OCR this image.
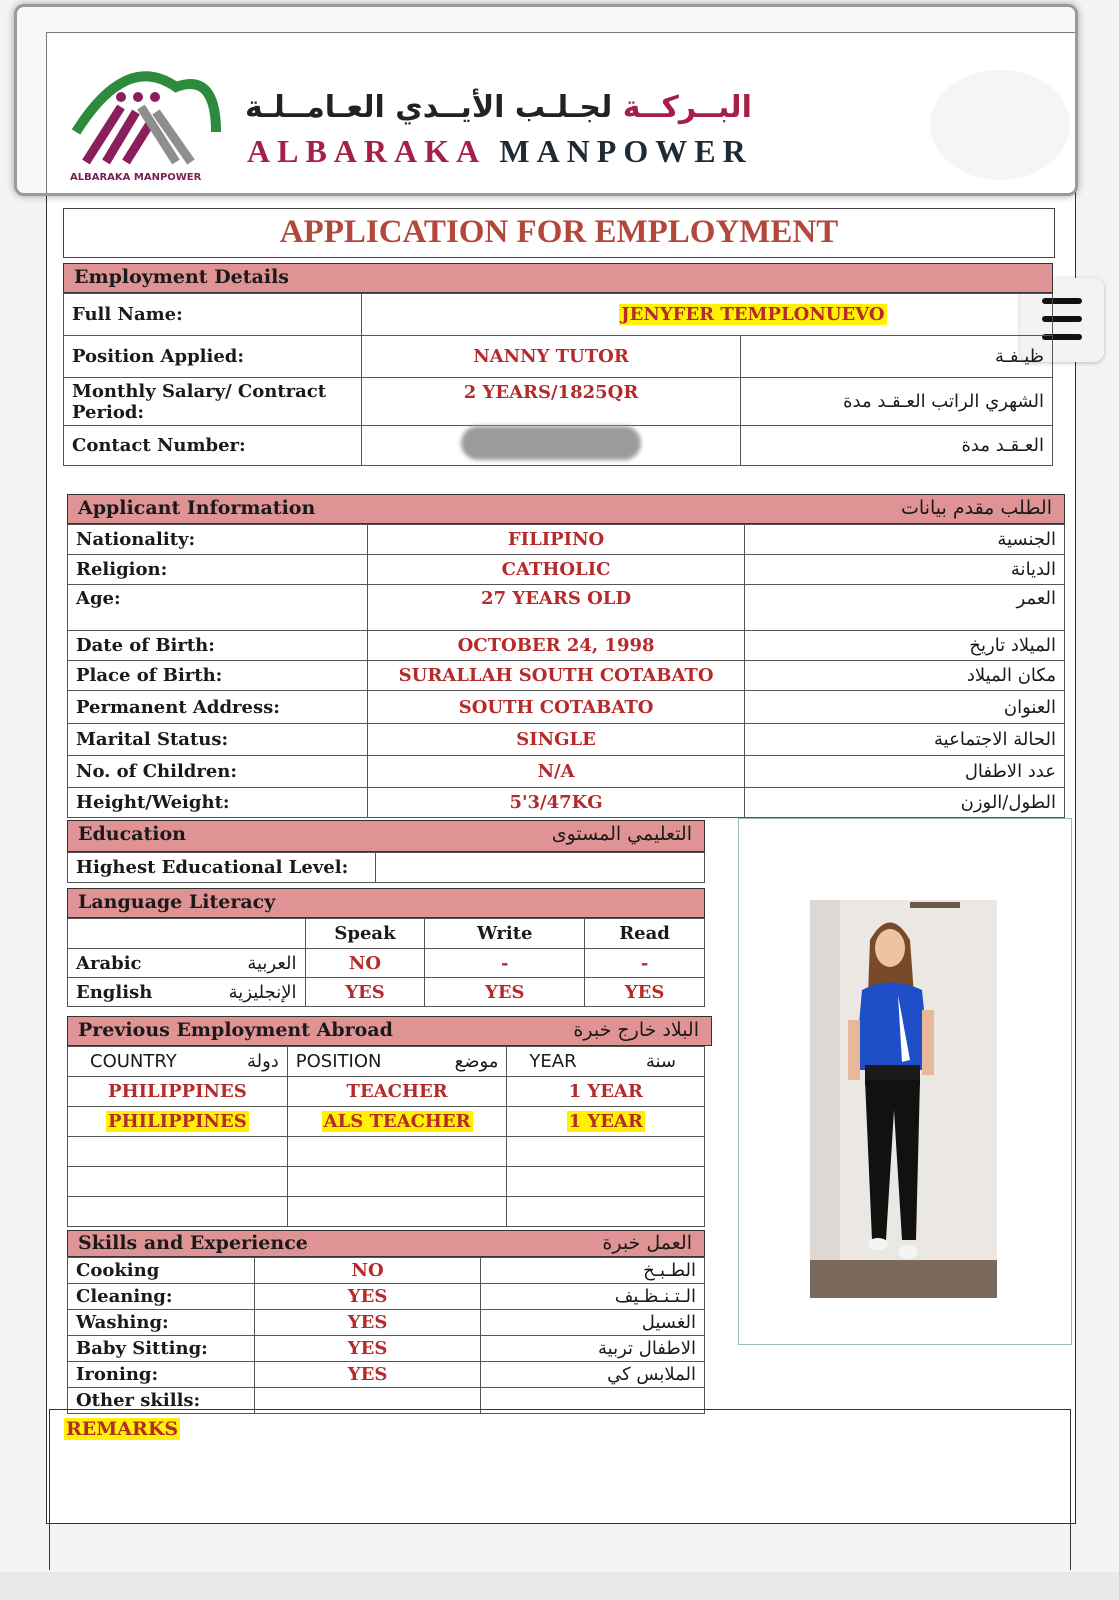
ALBARAKA MANPOWER
البــركــة لجـلـب الأيــدي العـامــلـة
ALBARAKA MANPOWER
APPLICATION FOR EMPLOYMENT
Employment Details
Full Name:	JENYFER TEMPLONUEVO	
Position Applied:	NANNY TUTOR	ظيـفـة
Monthly Salary/ Contract Period:	2 YEARS/1825QR	الشهري الراتب العـقـد مدة
Contact Number:		العـقـد مدة
Applicant Information	الطلب مقدم بيانات
Nationality:	FILIPINO	الجنسية
Religion:	CATHOLIC	الديانة
Age:	27 YEARS OLD	العمر
Date of Birth:	OCTOBER 24, 1998	الميلاد تاريخ
Place of Birth:	SURALLAH SOUTH COTABATO	مكان الميلاد
Permanent Address:	SOUTH COTABATO	العنوان
Marital Status:	SINGLE	الحالة الاجتماعية
No. of Children:	N/A	عدد الاطفال
Height/Weight:	5'3/47KG	الطول/الوزن
Education	التعليمي المستوى
Highest Educational Level:	
Language Literacy
	Speak	Write	Read
Arabic العربية	NO	-	-
English الإنجليزية	YES	YES	YES
Previous Employment Abroad	البلاد خارج خبرة
COUNTRY دولة	POSITION موضع	YEAR سنة

PHILIPPINES	TEACHER	1 YEAR
PHILIPPINES	ALS TEACHER	1 YEAR

Skills and Experience	العمل خبرة
Cooking	NO	الطـبـخ
Cleaning:	YES	الـتـنـظـيف
Washing:	YES	الغسيل
Baby Sitting:	YES	الاطفال تربية
Ironing:	YES	الملابس كي
Other skills:		
REMARKS
